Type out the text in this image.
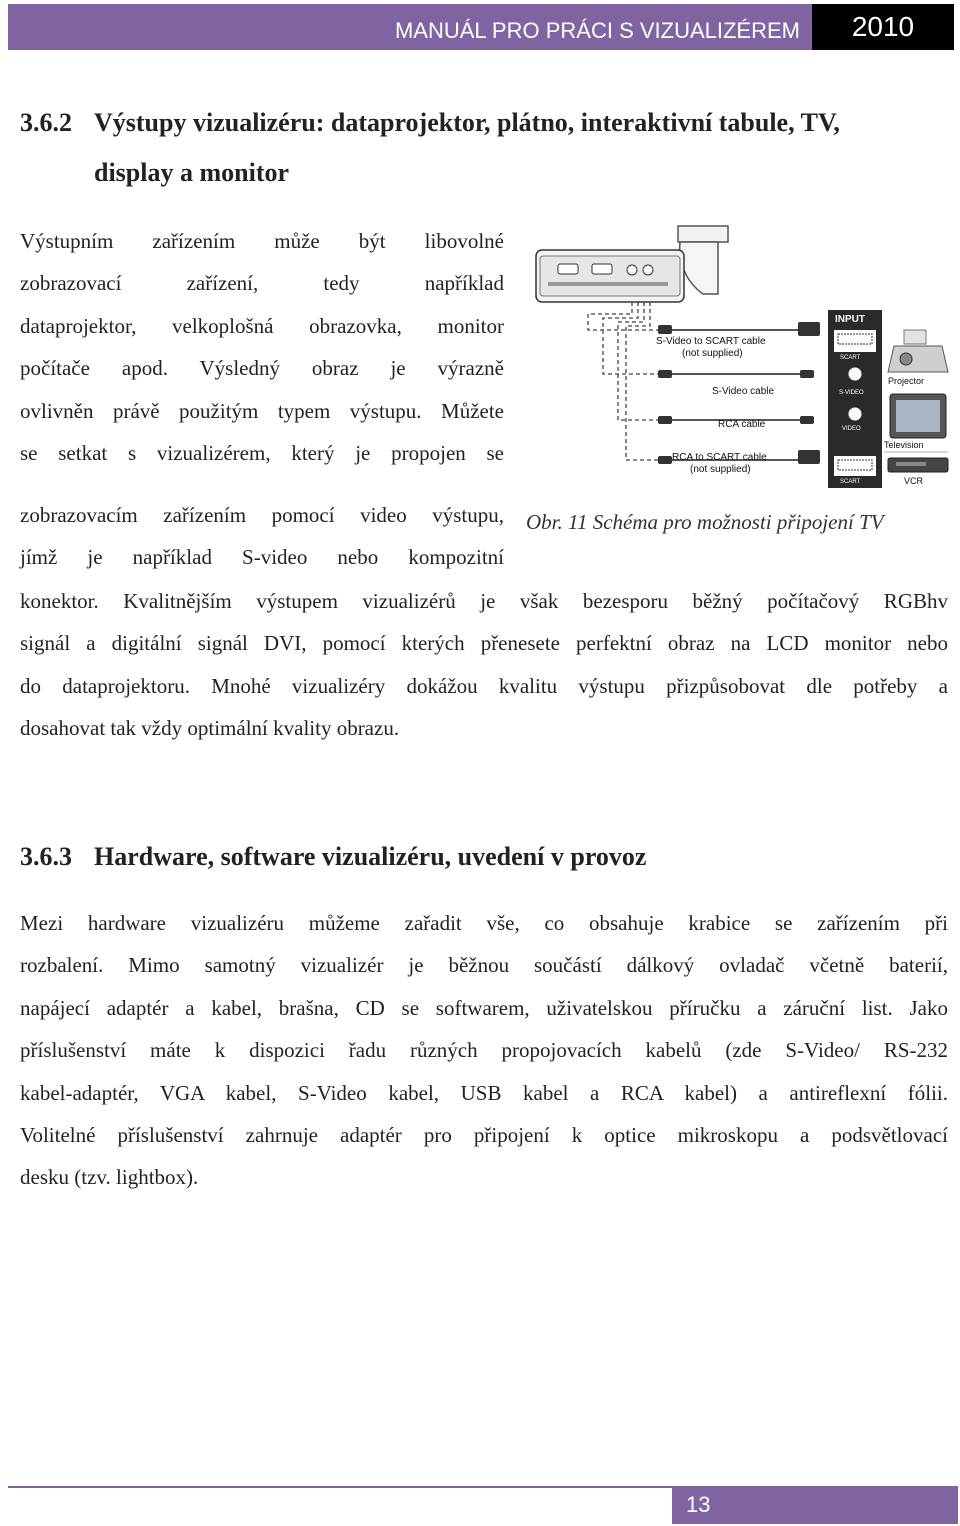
MANUÁL PRO PRÁCI S VIZUALIZÉREM	2010
3.6.2 Výstupy vizualizéru: dataprojektor, plátno, interaktivní tabule, TV,
display a monitor
Výstupním zařízením může být libovolné
zobrazovací zařízení, tedy například
dataprojektor, velkoplošná obrazovka, monitor
počítače apod. Výsledný obraz je výrazně
ovlivněn právě použitým typem výstupu. Můžete
se setkat s vizualizérem, který je propojen se
zobrazovacím zařízením pomocí video výstupu,
jímž je například S-video nebo kompozitní
konektor. Kvalitnějším výstupem vizualizérů je však bezesporu běžný počítačový RGBhv
signál a digitální signál DVI, pomocí kterých přenesete perfektní obraz na LCD monitor nebo
do dataprojektoru. Mnohé vizualizéry dokážou kvalitu výstupu přizpůsobovat dle potřeby a
dosahovat tak vždy optimální kvality obrazu.
S-Video to SCART cable
(not supplied)
S-Video cable
RCA cable
RCA to SCART cable
(not supplied)
INPUT
SCART
S-VIDEO
VIDEO
SCART
Projector
Television
VCR
Obr. 11 Schéma pro možnosti připojení TV
3.6.3 Hardware, software vizualizéru, uvedení v provoz
Mezi hardware vizualizéru můžeme zařadit vše, co obsahuje krabice se zařízením při
rozbalení. Mimo samotný vizualizér je běžnou součástí dálkový ovladač včetně baterií,
napájecí adaptér a kabel, brašna, CD se softwarem, uživatelskou příručku a záruční list. Jako
příslušenství máte k dispozici řadu různých propojovacích kabelů (zde S-Video/ RS-232
kabel-adaptér, VGA kabel, S-Video kabel, USB kabel a RCA kabel) a antireflexní fólii.
Volitelné příslušenství zahrnuje adaptér pro připojení k optice mikroskopu a podsvětlovací
desku (tzv. lightbox).
13
